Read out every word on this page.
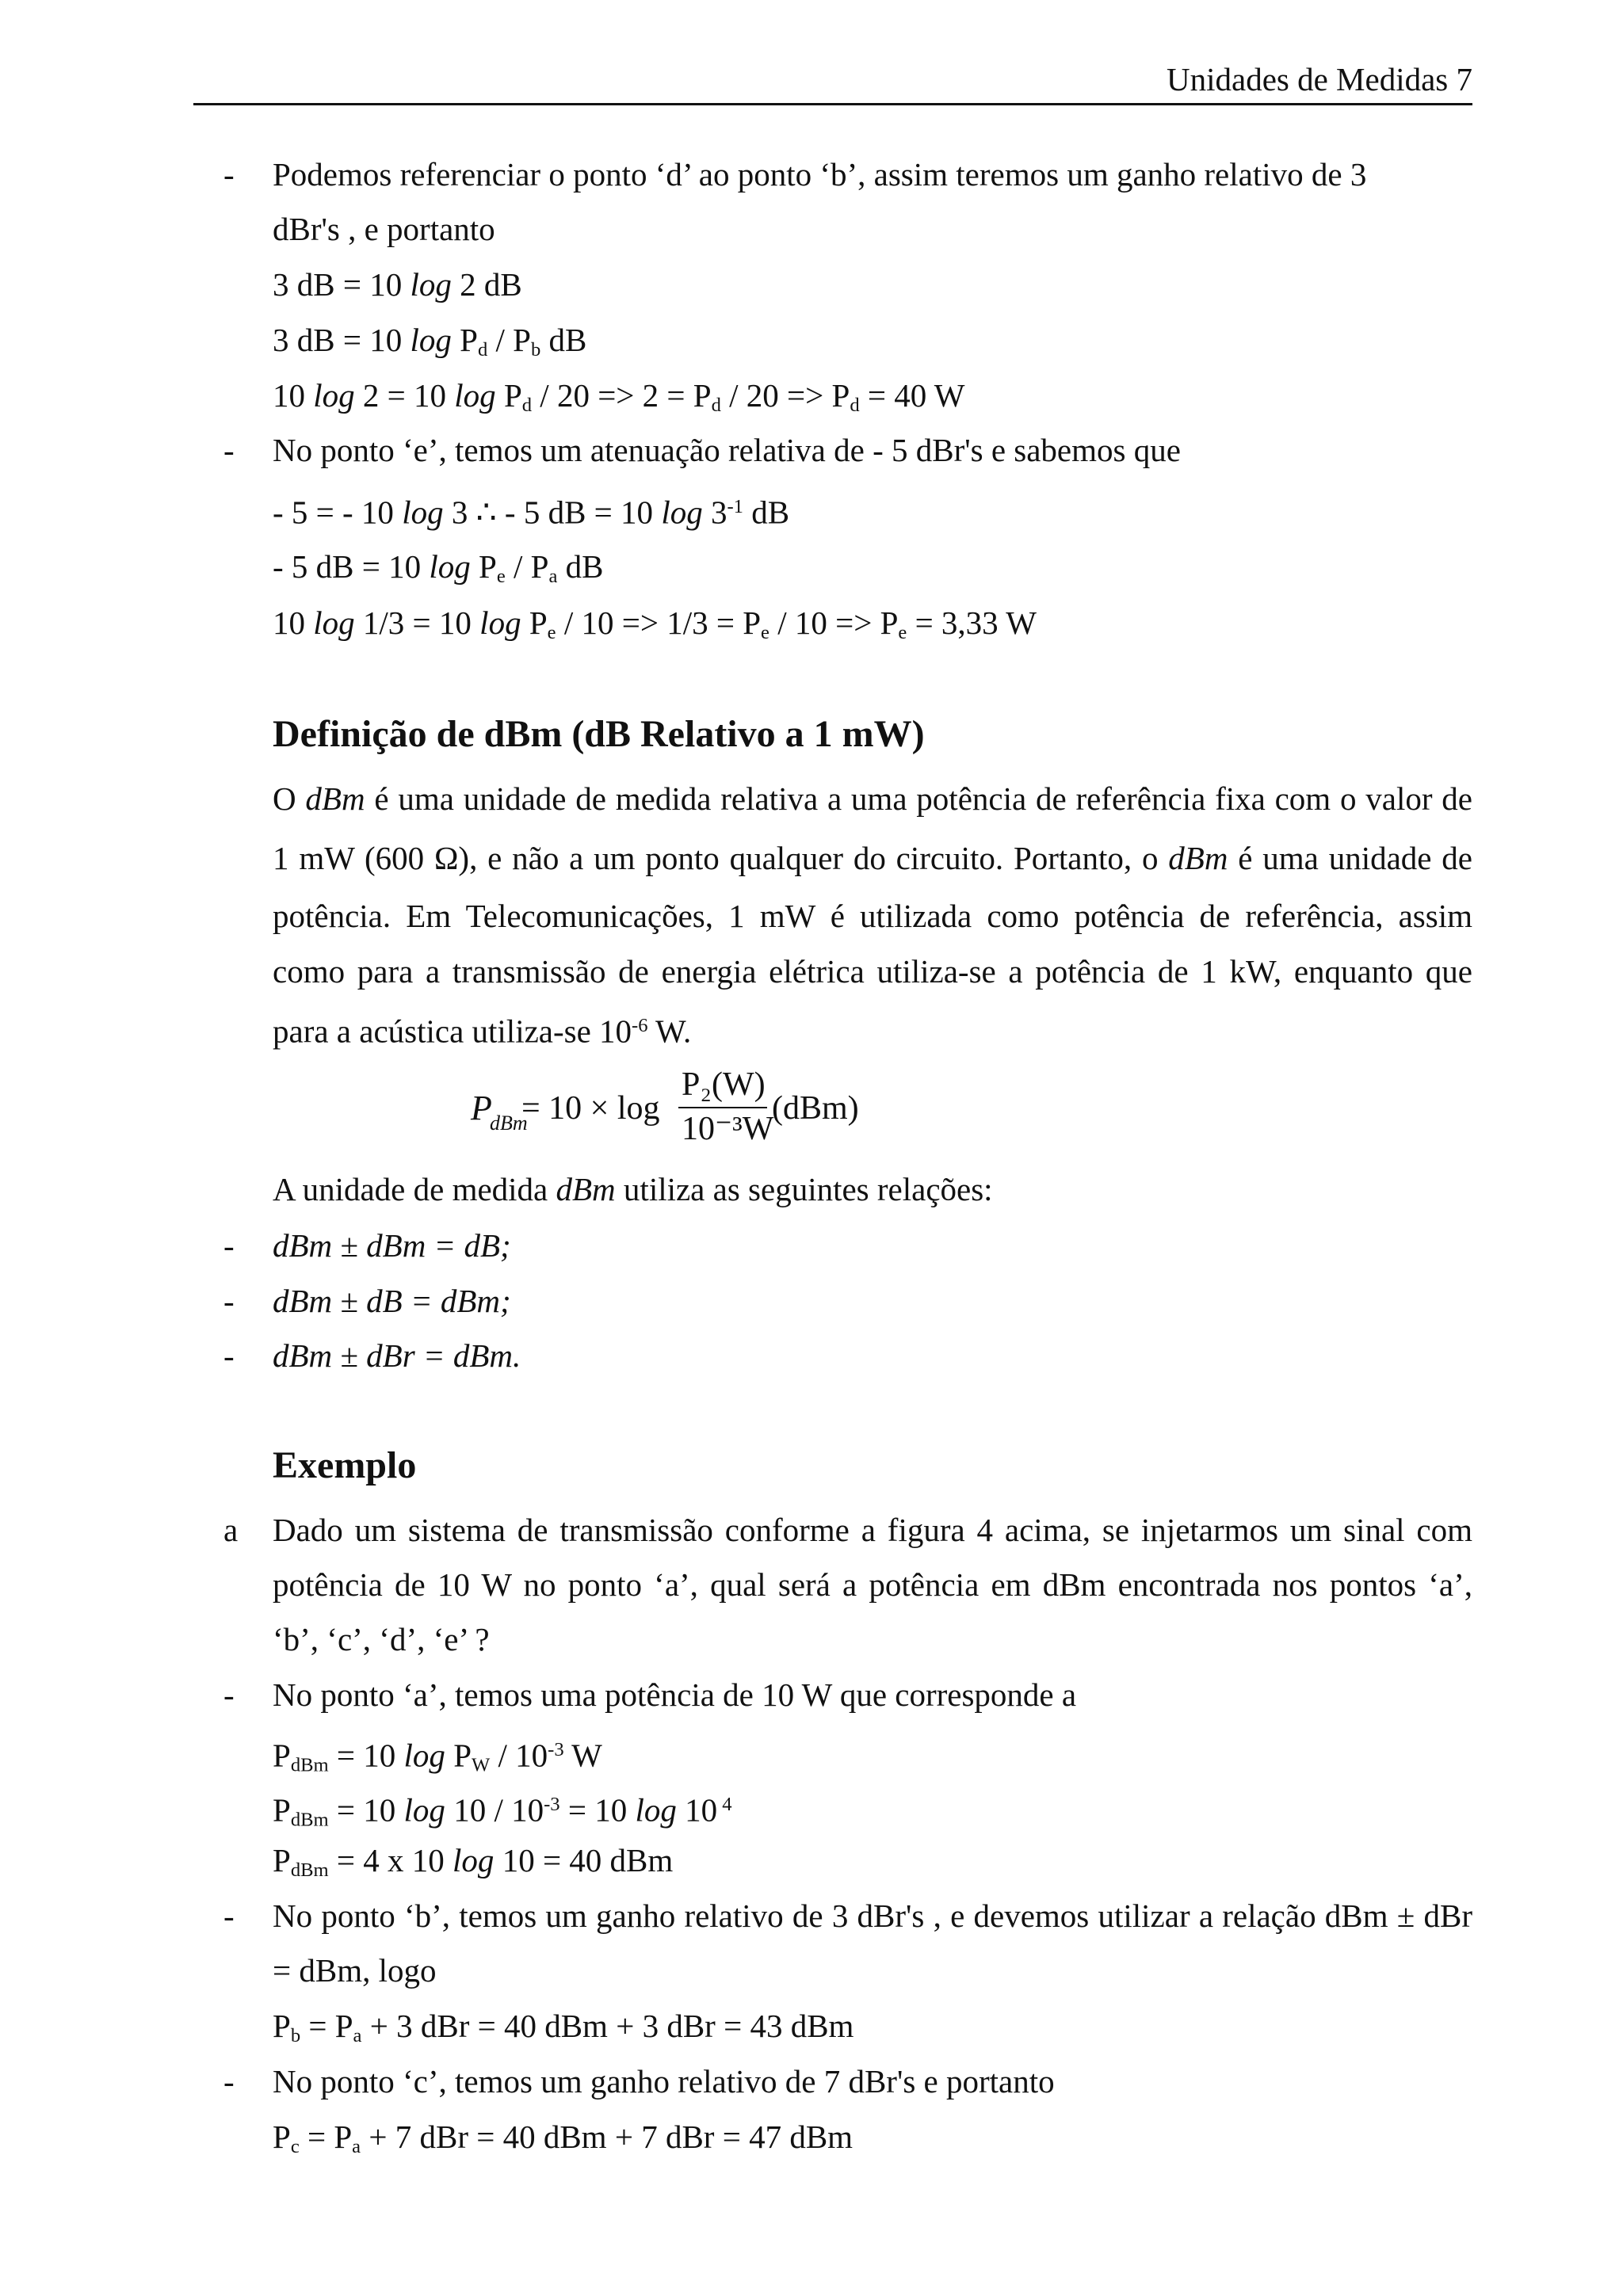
Unidades de Medidas 7
- Podemos referenciar o ponto ‘d’ ao ponto ‘b’, assim teremos um ganho relativo de 3
dBr's , e portanto
3 dB = 10 log 2 dB
3 dB = 10 $\log P_d / P_b$ dB
10 log 2 = 10 $\log P_d / 20 => 2 = P_d / 20 => P_d = 40$ W
- No ponto ‘e’, temos um atenuação relativa de - 5 dBr's e sabemos que
- 5 = - 10 log 3 ∴ - 5 dB = 10 $\log 3^{-1}$ dB
- 5 dB = 10 $\log P_e / P_a$ dB
10 log 1/3 = 10 $\log P_e / 10 => 1/3 = P_e / 10 => P_e = 3,33$ W
Definição de dBm (dB Relativo a 1 mW)
O dBm é uma unidade de medida relativa a uma potência de referência fixa com o valor de
1 mW (600 Ω), e não a um ponto qualquer do circuito. Portanto, o dBm é uma unidade de
potência. Em Telecomunicações, 1 mW é utilizada como potência de referência, assim
como para a transmissão de energia elétrica utiliza-se a potência de 1 kW, enquanto que
para a acústica utiliza-se $10^{-6}$ W.
P
dBm
= 10 × log
P₂(W)
10⁻³W
(dBm)
A unidade de medida dBm utiliza as seguintes relações:
- dBm ± dBm = dB;
- dBm ± dB = dBm;
- dBm ± dBr = dBm.
Exemplo
a Dado um sistema de transmissão conforme a figura 4 acima, se injetarmos um sinal com
potência de 10 W no ponto ‘a’, qual será a potência em dBm encontrada nos pontos ‘a’,
‘b’, ‘c’, ‘d’, ‘e’ ?
- No ponto ‘a’, temos uma potência de 10 W que corresponde a
$P_{dBm} = 10$ $\log P_W / 10^{-3}$ W
$P_{dBm} = 10$ $\log 10 / 10^{-3} = 10$ log 10 $^4$
$P_{dBm} = 4$ x 10 log 10 = 40 dBm
- No ponto ‘b’, temos um ganho relativo de 3 dBr's , e devemos utilizar a relação dBm ± dBr
= dBm, logo
$P_b = P_a + 3$ dBr = 40 dBm + 3 dBr = 43 dBm
- No ponto ‘c’, temos um ganho relativo de 7 dBr's e portanto
$P_c = P_a + 7$ dBr = 40 dBm + 7 dBr = 47 dBm
